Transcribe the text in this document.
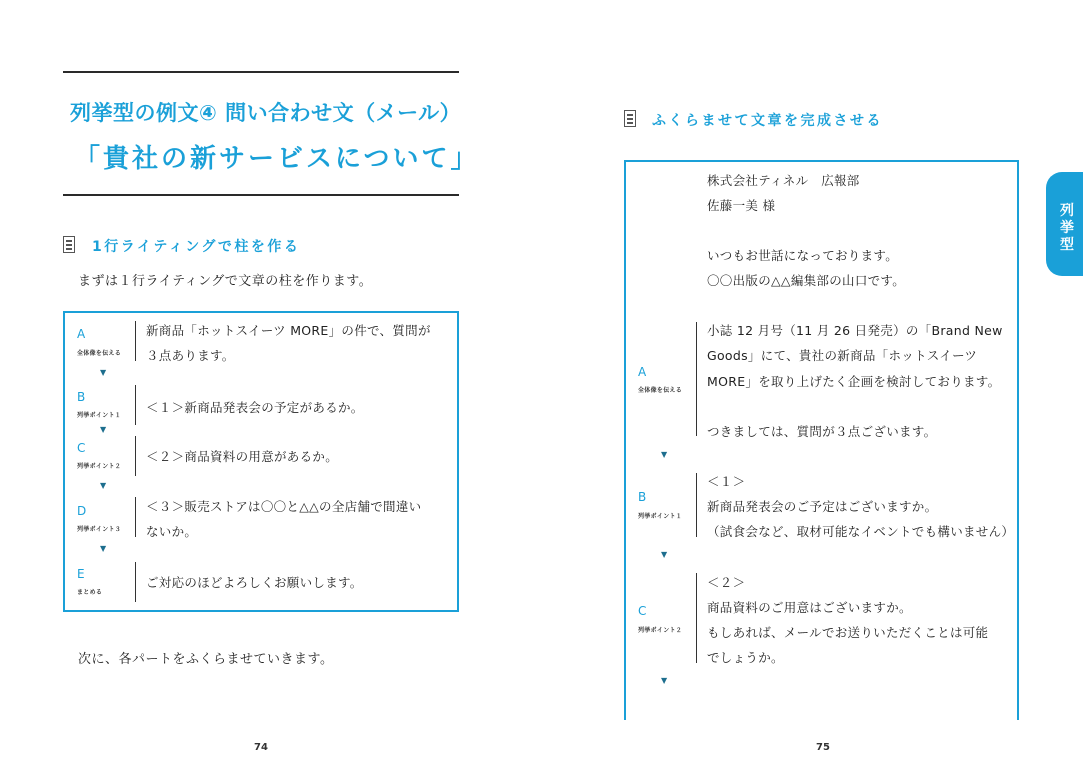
列挙型の例文④ 問い合わせ文（メール）
「貴社の新サービスについて」
1行ライティングで柱を作る
まずは１行ライティングで文章の柱を作ります。
A
全体像を伝える
新商品「ホットスイーツ MORE」の件で、質問が
３点あります。
▼
B
列挙ポイント１
＜１＞新商品発表会の予定があるか。
▼
C
列挙ポイント２
＜２＞商品資料の用意があるか。
▼
D
列挙ポイント３
＜３＞販売ストアは〇〇と△△の全店舗で間違い
ないか。
▼
E
まとめる
ご対応のほどよろしくお願いします。
次に、各パートをふくらませていきます。
74
ふくらませて文章を完成させる
株式会社ティネル　広報部
佐藤一美 様
いつもお世話になっております。
〇〇出版の△△編集部の山口です。
A
全体像を伝える
小誌 12 月号（11 月 26 日発売）の「Brand New
Goods」にて、貴社の新商品「ホットスイーツ
MORE」を取り上げたく企画を検討しております。
つきましては、質問が３点ございます。
▼
B
列挙ポイント１
＜１＞
新商品発表会のご予定はございますか。
（試食会など、取材可能なイベントでも構いません）
▼
C
列挙ポイント２
＜２＞
商品資料のご用意はございますか。
もしあれば、メールでお送りいただくことは可能
でしょうか。
▼
75
列
挙
型
